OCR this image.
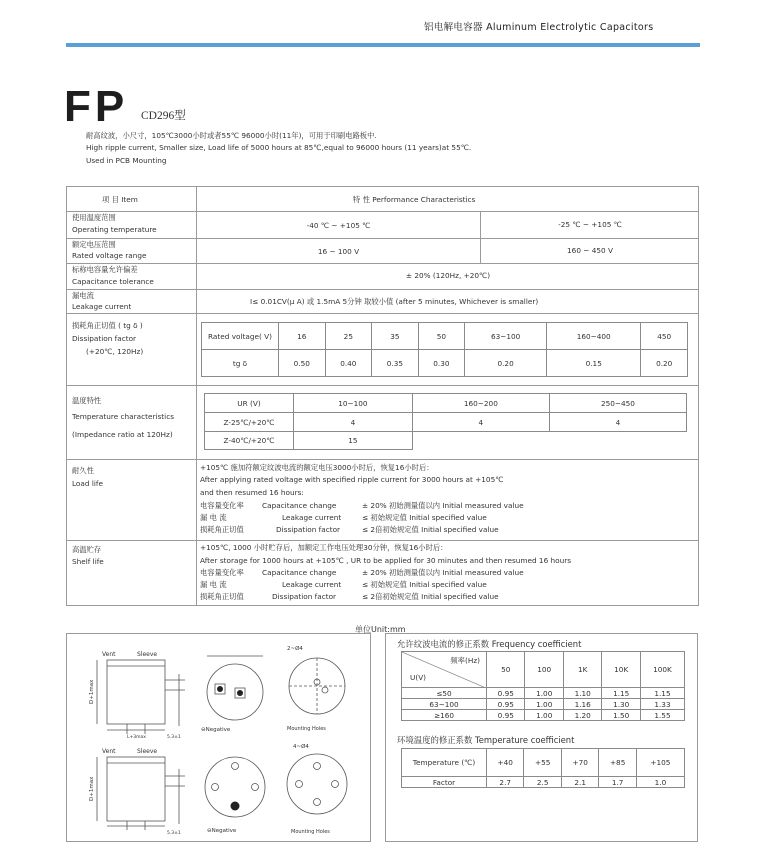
铝电解电容器 Aluminum Electrolytic Capacitors
FP CD296型
耐高纹波，小尺寸，105℃3000小时或者55℃ 96000小时(11年)，可用于印刷电路板中.
High ripple current, Smaller size, Load life of 5000 hours at 85℃,equal to 96000 hours (11 years)at 55℃.
Used in PCB Mounting
项 目 Item	特 性 Performance Characteristics
使用温度范围
Operating temperature	-40 ℃ ~ +105 ℃	-25 ℃ ~ +105 ℃
额定电压范围
Rated voltage range	16 ~ 100 V	160 ~ 450 V
标称电容量允许偏差
Capacitance tolerance
± 20% (120Hz, +20℃)
漏电流
Leakage current
I≤ 0.01CV(μ A) 或 1.5mA 5分钟 取较小值 (after 5 minutes, Whichever is smaller)
损耗角正切值 ( tg δ )
Dissipation factor
(+20℃, 120Hz)
Rated voltage( V)	16	25	35	50	63~100	160~400	450
tg δ	0.50	0.40	0.35	0.30	0.20	0.15	0.20
温度特性
Temperature characteristics
(Impedance ratio at 120Hz)
UR (V)	10~100	160~200	250~450
Z-25℃/+20℃	4	4	4
Z-40℃/+20℃	15		
耐久性
Load life
+105℃ 施加符额定纹波电流的额定电压3000小时后，恢复16小时后：
After applying rated voltage with specified ripple current for 3000 hours at +105℃
and then resumed 16 hours:
电容量变化率 Capacitance change	± 20% 初始测量值以内 Initial measured value
漏 电 流	Leakage current	≤ 初始规定值 Initial specified value
损耗角正切值	Dissipation factor	≤ 2倍初始规定值 Initial specified value
高温贮存
Shelf life
+105℃, 1000 小时贮存后，加额定工作电压处理30分钟，恢复16小时后：
After storage for 1000 hours at +105℃ , UR to be applied for 30 minutes and then resumed 16 hours
电容量变化率 Capacitance change	± 20% 初始测量值以内 Initial measured value
漏 电 流	Leakage current	≤ 初始规定值 Initial specified value
损耗角正切值	Dissipation factor	≤ 2倍初始规定值 Initial specified value
单位Unit:mm
Vent	Sleeve
Vent	Sleeve
D+1max
D+1max
L+3max	5.3±1
5.3±1
⊖Negative
2~Ø4
Mounting Holes
⊖Negative
4~Ø4
Mounting Holes
允许纹波电流的修正系数 Frequency coefficient
频率(Hz)
U(V)	50	100	1K	10K	100K
≤50	0.95	1.00	1.10	1.15	1.15
63~100	0.95	1.00	1.16	1.30	1.33
≥160	0.95	1.00	1.20	1.50	1.55
环境温度的修正系数 Temperature coefficient
Temperature (℃)	+40	+55	+70	+85	+105
Factor	2.7	2.5	2.1	1.7	1.0
